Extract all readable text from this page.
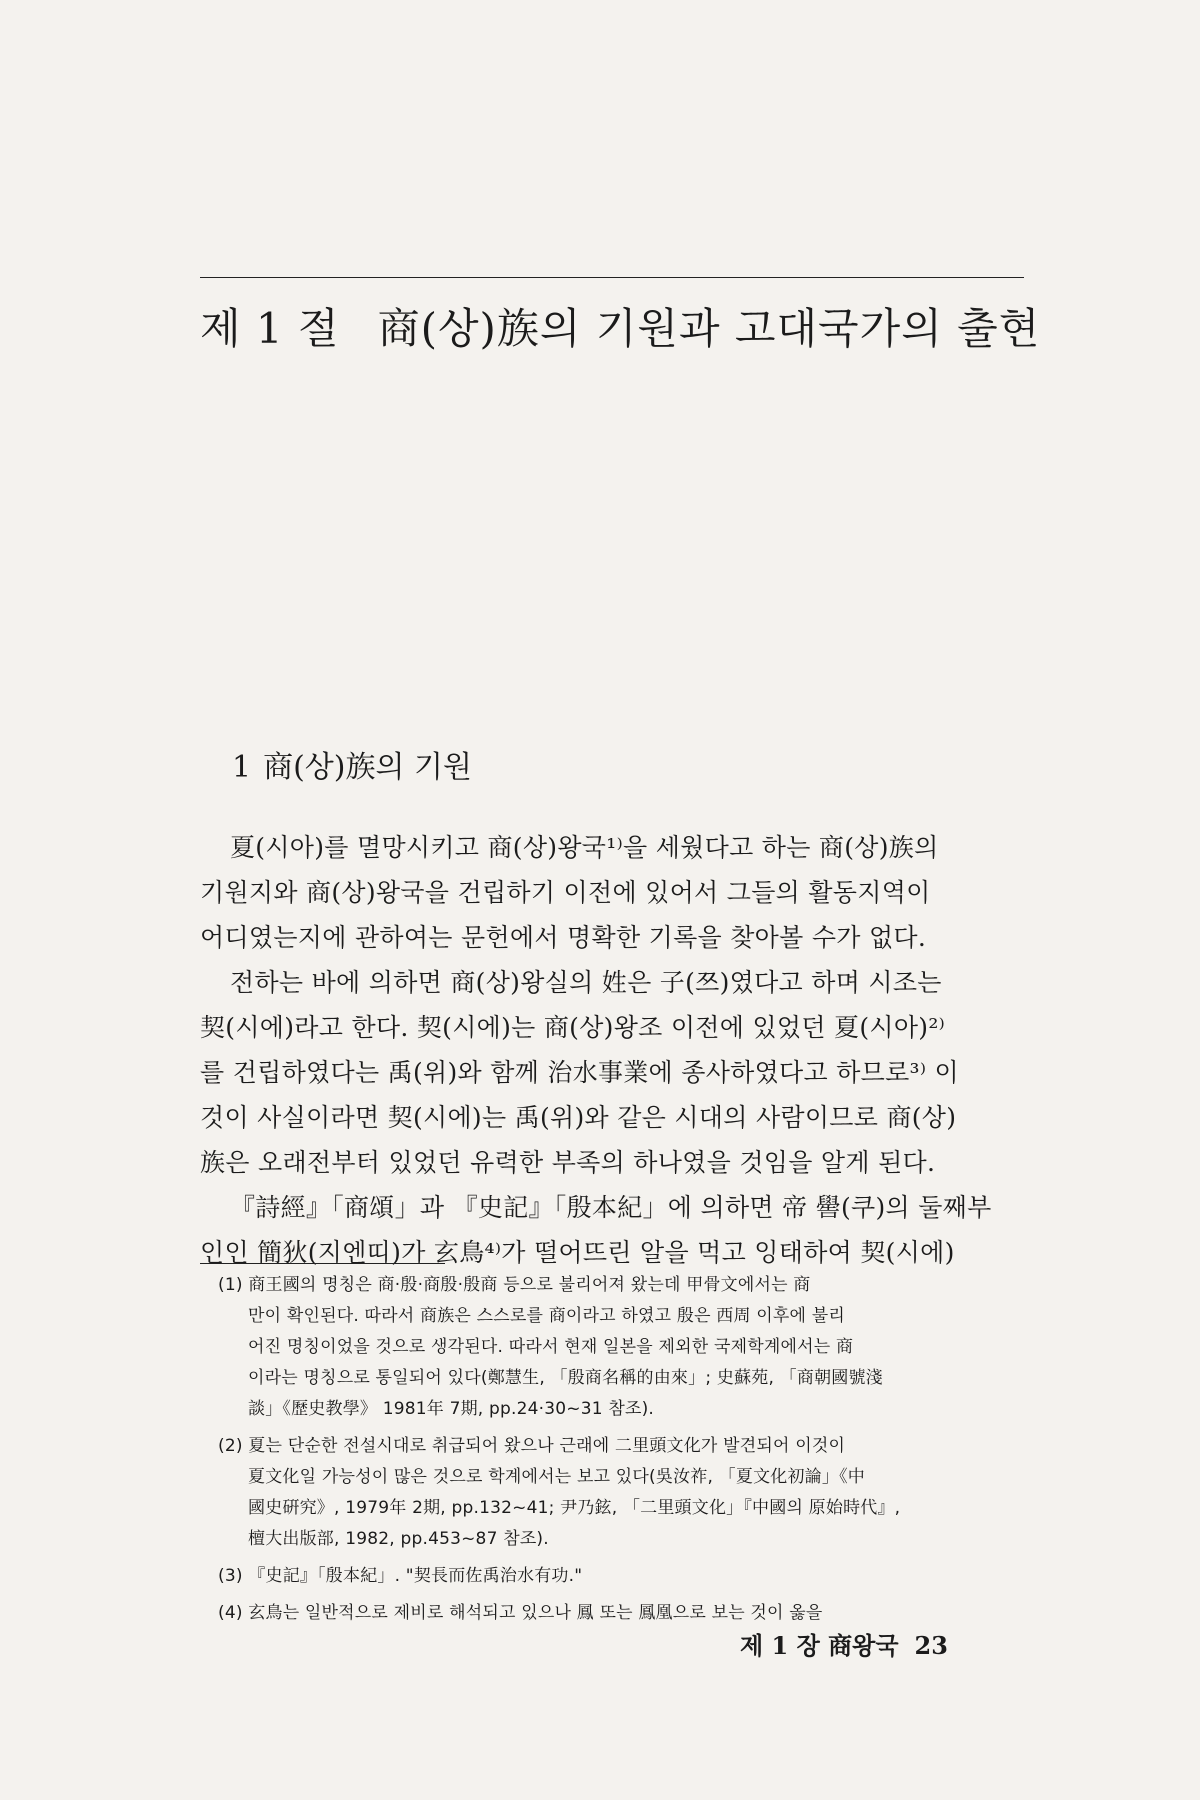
제 1 절 商(상)族의 기원과 고대국가의 출현
1 商(상)族의 기원
夏(시아)를 멸망시키고 商(상)왕국¹⁾을 세웠다고 하는 商(상)族의
기원지와 商(상)왕국을 건립하기 이전에 있어서 그들의 활동지역이
어디였는지에 관하여는 문헌에서 명확한 기록을 찾아볼 수가 없다.
전하는 바에 의하면 商(상)왕실의 姓은 子(쯔)였다고 하며 시조는
契(시에)라고 한다. 契(시에)는 商(상)왕조 이전에 있었던 夏(시아)²⁾
를 건립하였다는 禹(위)와 함께 治水事業에 종사하였다고 하므로³⁾ 이
것이 사실이라면 契(시에)는 禹(위)와 같은 시대의 사람이므로 商(상)
族은 오래전부터 있었던 유력한 부족의 하나였을 것임을 알게 된다.
『詩經』「商頌」과 『史記』「殷本紀」에 의하면 帝 嚳(쿠)의 둘째부
인인 簡狄(지엔띠)가 玄鳥⁴⁾가 떨어뜨린 알을 먹고 잉태하여 契(시에)
(1) 商王國의 명칭은 商·殷·商殷·殷商 등으로 불리어져 왔는데 甲骨文에서는 商
만이 확인된다. 따라서 商族은 스스로를 商이라고 하였고 殷은 西周 이후에 불리
어진 명칭이었을 것으로 생각된다. 따라서 현재 일본을 제외한 국제학계에서는 商
이라는 명칭으로 통일되어 있다(鄭慧生, 「殷商名稱的由來」; 史蘇苑, 「商朝國號淺
談」《歷史教學》 1981年 7期, pp.24·30~31 참조).
(2) 夏는 단순한 전설시대로 취급되어 왔으나 근래에 二里頭文化가 발견되어 이것이
夏文化일 가능성이 많은 것으로 학계에서는 보고 있다(吳汝祚, 「夏文化初論」《中
國史硏究》, 1979年 2期, pp.132~41; 尹乃鉉, 「二里頭文化」『中國의 原始時代』,
檀大出版部, 1982, pp.453~87 참조).
(3) 『史記』「殷本紀」. "契長而佐禹治水有功."
(4) 玄鳥는 일반적으로 제비로 해석되고 있으나 鳳 또는 鳳凰으로 보는 것이 옳을
제 1 장 商왕국 23
